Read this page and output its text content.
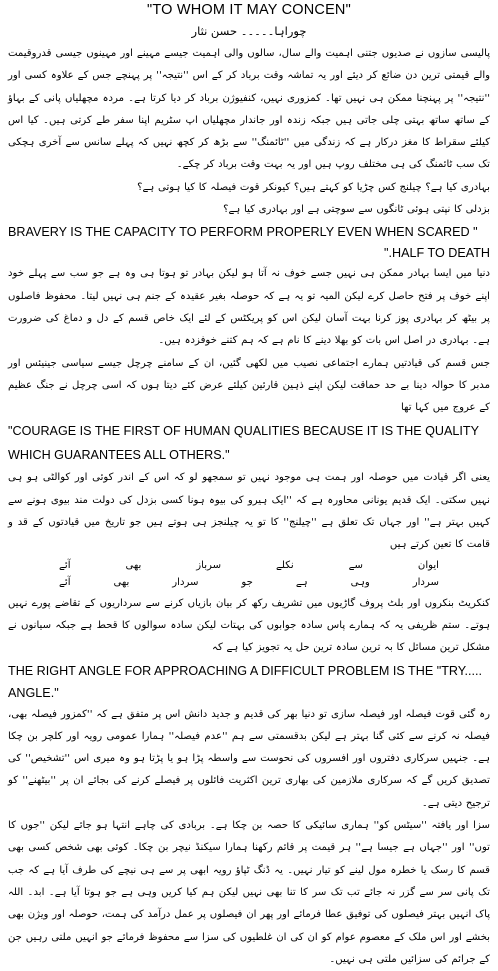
"TO WHOM IT MAY CONCEN"
چوراہا۔۔۔۔۔ حسن نثار

پالیسی سازوں نے صدیوں جتنی اہمیت والے سال، سالوں والی اہمیت جیسے مہینے اور مہینوں جیسی قدروقیمت والے قیمتی ترین دن ضائع کر دیئے اور یہ تماشہ وقت برباد کر کے اس ''نتیجہ'' پر پہنچے جس کے علاوہ کسی اور ''نتیجہ'' پر پہنچنا ممکن ہی نہیں تھا۔ کمزوری نہیں، کنفیوژن برباد کر دیا کرتا ہے۔ مردہ مچھلیاں پانی کے بہاؤ کے ساتھ ساتھ بہتی چلی جاتی ہیں جبکہ زندہ اور جاندار مچھلیاں اپ سٹریم اپنا سفر طے کرتی ہیں۔ کیا اس کیلئے سقراط کا مغز درکار ہے کہ زندگی میں ''ٹائمنگ'' سے بڑھ کر کچھ نہیں کہ پہلے سانس سے آخری ہچکی تک سب ٹائمنگ کی ہی مختلف روپ ہیں اور یہ بہت وقت برباد کر چکے۔

بہادری کیا ہے؟ چیلنج کس چڑیا کو کہتے ہیں؟ کیونکر قوت فیصلہ کا کیا ہوتی ہے؟

بزدلی کا نپتی ہوئی ٹانگوں سے سوچتی ہے اور بہادری کیا ہے؟

BRAVERY IS THE CAPACITY TO PERFORM PROPERLY EVEN WHEN SCARED "

".HALF TO DEATH

دنیا میں ایسا بہادر ممکن ہی نہیں جسے خوف نہ آتا ہو لیکن بہادر تو ہوتا ہی وہ ہے جو سب سے پہلے خود اپنے خوف پر فتح حاصل کرے لیکن المیہ تو یہ ہے کہ حوصلہ بغیر عقیدہ کے جنم ہی نہیں لیتا۔ محفوظ فاصلوں پر بیٹھ کر بہادری پوز کرنا بہت آسان لیکن اس کو پریکٹس کے لئے ایک خاص قسم کے دل و دماغ کی ضرورت ہے۔ بہادری در اصل اس بات کو بھلا دینے کا نام ہے کہ ہم کتنے خوفزدہ ہیں۔

جس قسم کی قیادتیں ہمارے اجتماعی نصیب میں لکھی گئیں، ان کے سامنے چرچل جیسے سیاسی جینیئس اور مدبر کا حوالہ دینا بے حد حماقت لیکن اپنے ذہین قارئین کیلئے عرض کئے دیتا ہوں کہ اسی چرچل نے جنگ عظیم کے عروج میں کہا تھا

"COURAGE IS THE FIRST OF HUMAN QUALITIES BECAUSE IT IS THE QUALITY

WHICH GUARANTEES ALL OTHERS."

یعنی اگر قیادت میں حوصلہ اور ہمت ہی موجود نہیں تو سمجھو لو کہ اس کے اندر کوئی اور کوالٹی ہو ہی نہیں سکتی۔ ایک قدیم یونانی محاورہ ہے کہ ''ایک ہیرو کی بیوہ ہونا کسی بزدل کی دولت مند بیوی ہونے سے کہیں بہتر ہے'' اور جہاں تک تعلق ہے ''چیلنج'' کا تو یہ چیلنجز ہی ہوتے ہیں جو تاریخ میں قیادتوں کے قد و قامت کا تعین کرتے ہیں

ایوان سے نکلے سرباز بھی آئے
سردار وہی ہے جو سردار بھی آئے

کنکریٹ بنکروں اور بلٹ پروف گاڑیوں میں تشریف رکھ کر بیان بازیاں کرنے سے سرداریوں کے تقاضے پورے نہیں ہوتے۔ ستم ظریفی یہ کہ ہمارے پاس سادہ جوابوں کی بہتات لیکن سادہ سوالوں کا قحط ہے جبکہ سیانوں نے مشکل ترین مسائل کا بہ ترین سادہ ترین حل یہ تجویز کیا ہے کہ

THE RIGHT ANGLE FOR APPROACHING A DIFFICULT PROBLEM IS THE "TRY.....

ANGLE."

رہ گئی قوت فیصلہ اور فیصلہ سازی تو دنیا بھر کی قدیم و جدید دانش اس پر متفق ہے کہ ''کمزور فیصلہ بھی، فیصلہ نہ کرنے سے کئی گنا بہتر ہے لیکن بدقسمتی سے ہم ''عدم فیصلہ'' ہمارا عمومی رویہ اور کلچر بن چکا ہے۔ جنہیں سرکاری دفتروں اور افسروں کی نحوست سے واسطہ پڑا ہو یا پڑتا ہو وہ میری اس ''تشخیص'' کی تصدیق کریں گے کہ سرکاری ملازمین کی بھاری ترین اکثریت فائلوں پر فیصلے کرنے کی بجائے ان پر ''بیٹھنے'' کو ترجیح دیتی ہے۔

سزا اور یافتہ ''سیٹس کو'' ہماری سائیکی کا حصہ بن چکا ہے۔ بربادی کی چاہے انتہا ہو جائے لیکن ''جوں کا توں'' اور ''جہاں ہے جیسا ہے'' ہر قیمت پر قائم رکھنا ہمارا سیکنڈ نیچر بن چکا۔ کوئی بھی شخص کسی بھی قسم کا رسک یا خطرہ مول لینے کو تیار نہیں۔ یہ ڈنگ ٹپاؤ رویہ ابھی پر سے ہی نیچے کی طرف آیا ہے کہ جب تک پانی سر سے گزر نہ جائے تب تک سر کا تنا بھی نہیں لیکن ہم کیا کریں وہی ہے جو ہوتا آیا ہے۔ ابد۔ اللہ پاک انہیں بہتر فیصلوں کی توفیق عطا فرمائے اور پھر ان فیصلوں پر عمل درآمد کی ہمت، حوصلہ اور ویژن بھی بخشے اور اس ملک کے معصوم عوام کو ان کی ان غلطیوں کی سزا سے محفوظ فرمائے جو انہیں ملتی رہیں جن کے جرائم کی سزائیں ملتی ہی نہیں۔
